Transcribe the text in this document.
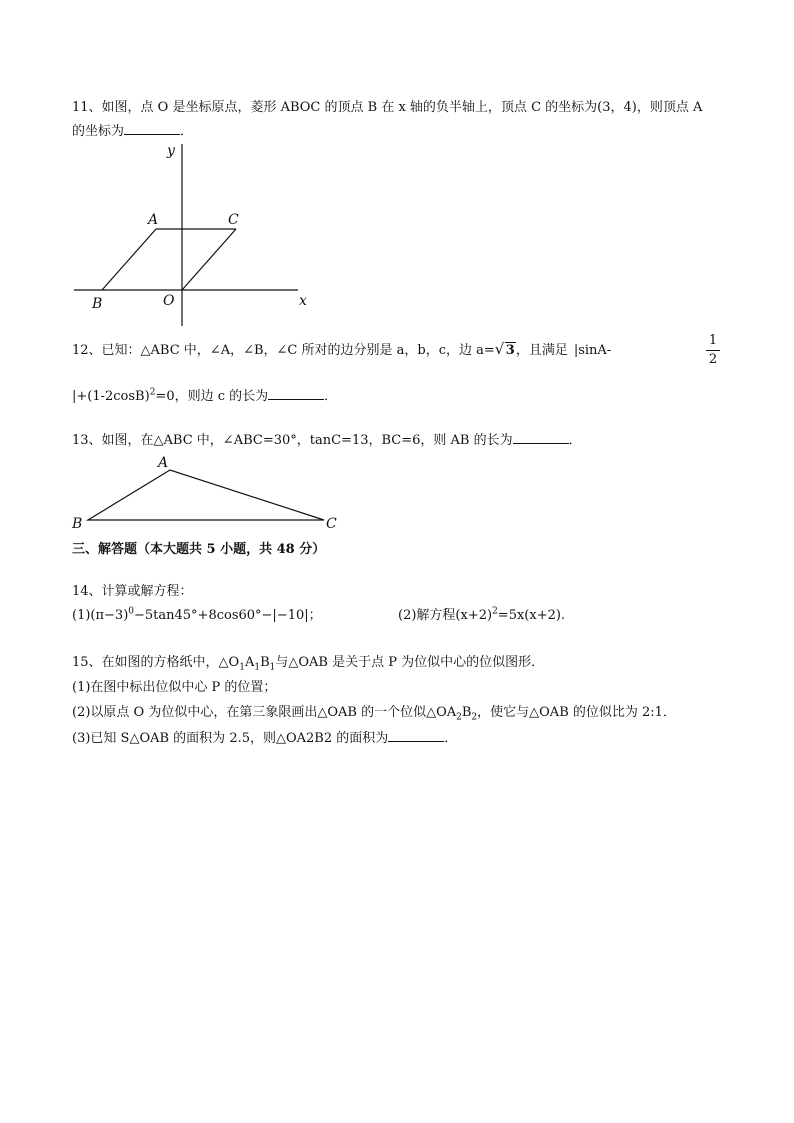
11、如图，点 O 是坐标原点，菱形 ABOC 的顶点 B 在 x 轴的负半轴上，顶点 C 的坐标为(3，4)，则顶点 A
的坐标为	．
y
A	C
B	O	x
12、已知：△ABC 中，∠A，∠B，∠C 所对的边分别是 a，b，c，边 a= √ 3，且满足 |sinA-	$\frac{1}{2}$
$|+(1-2\cos B)^2=0$，则边 c 的长为	．
13、如图，在△ABC 中，∠ABC=30°，tanC=13，BC=6，则 AB 的长为	．
A
B	C
三、解答题（本大题共 5 小题，共 48 分）
14、计算或解方程：
$(1)(\pi-3)^0-5\tan 45^\circ+8\cos 60^\circ-|-10|$；	(2)解方程$(x+2)^2=5x(x+2)$.
15、在如图的方格纸中，$\triangle O_1A_1B_1$与△OAB 是关于点 P 为位似中心的位似图形．
(1)在图中标出位似中心 P 的位置；
(2)以原点 O 为位似中心，在第三象限画出△OAB 的一个位似$\triangle OA_2B_2$，使它与△OAB 的位似比为 2:1．
(3)已知 S△OAB 的面积为 2.5，则△OA2B2 的面积为	．
